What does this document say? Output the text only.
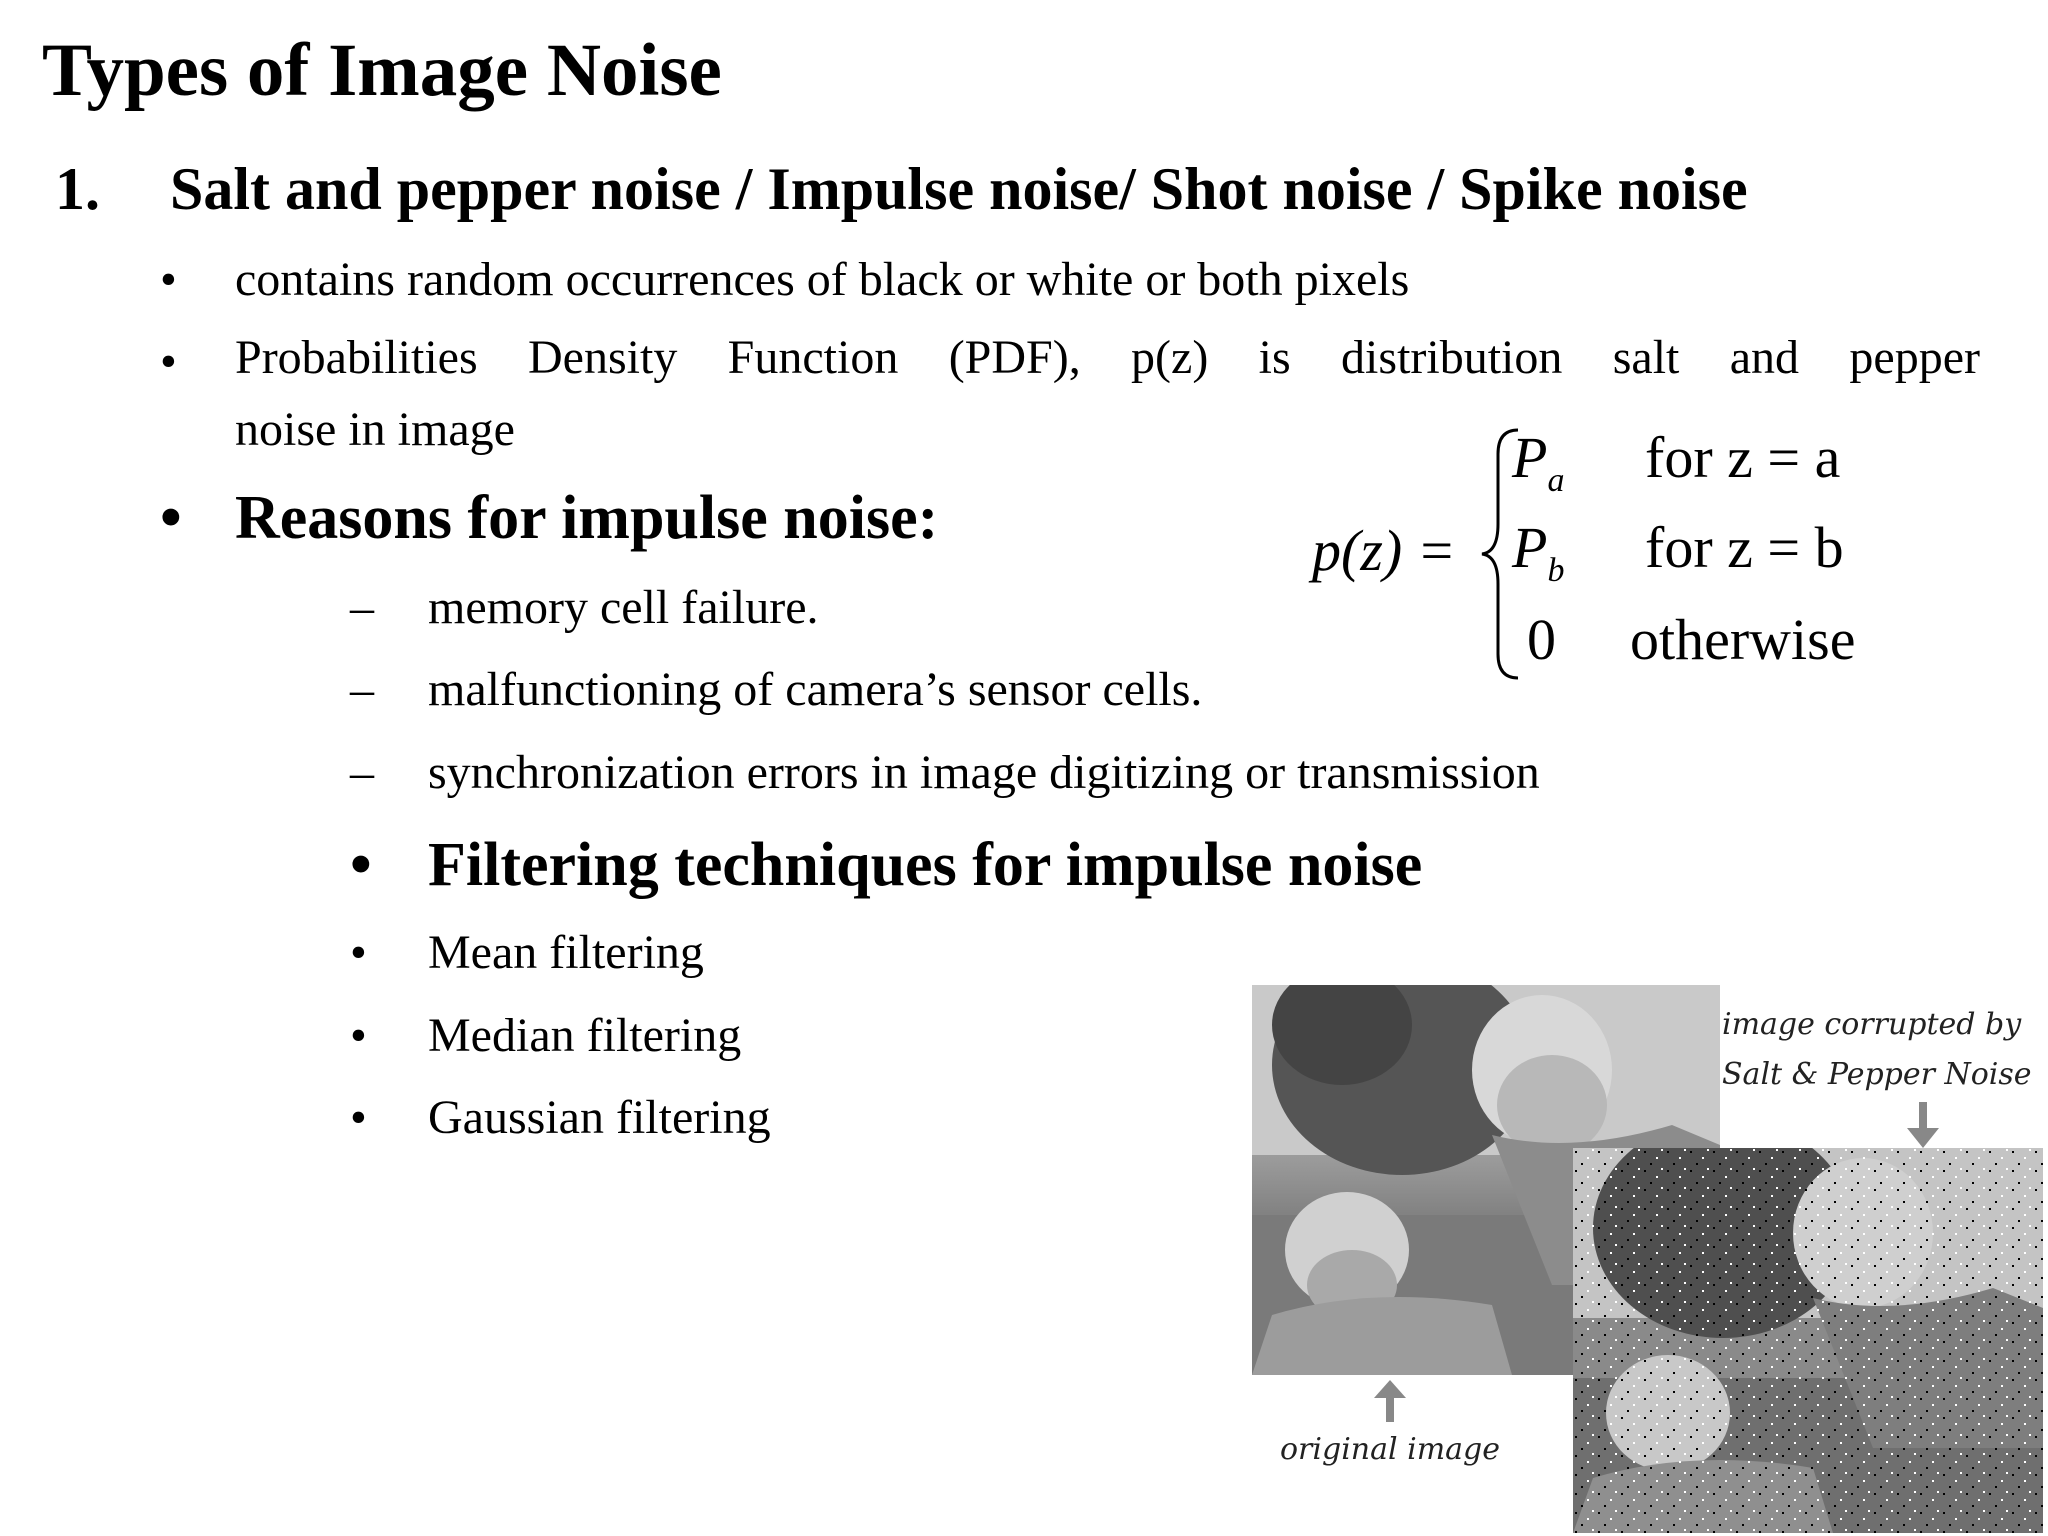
Types of Image Noise
1. Salt and pepper noise / Impulse noise/ Shot noise / Spike noise
• contains random occurrences of black or white or both pixels
• Probabilities Density Function (PDF), p(z) is distribution salt and pepper
noise in image
• Reasons for impulse noise:
– memory cell failure.
– malfunctioning of camera’s sensor cells.
– synchronization errors in image digitizing or transmission
• Filtering techniques for impulse noise
• Mean filtering
• Median filtering
• Gaussian filtering
p(z) =
$P_a$ for z = a
$P_b$ for z = b
0 otherwise
image corrupted by
Salt & Pepper Noise
original image
